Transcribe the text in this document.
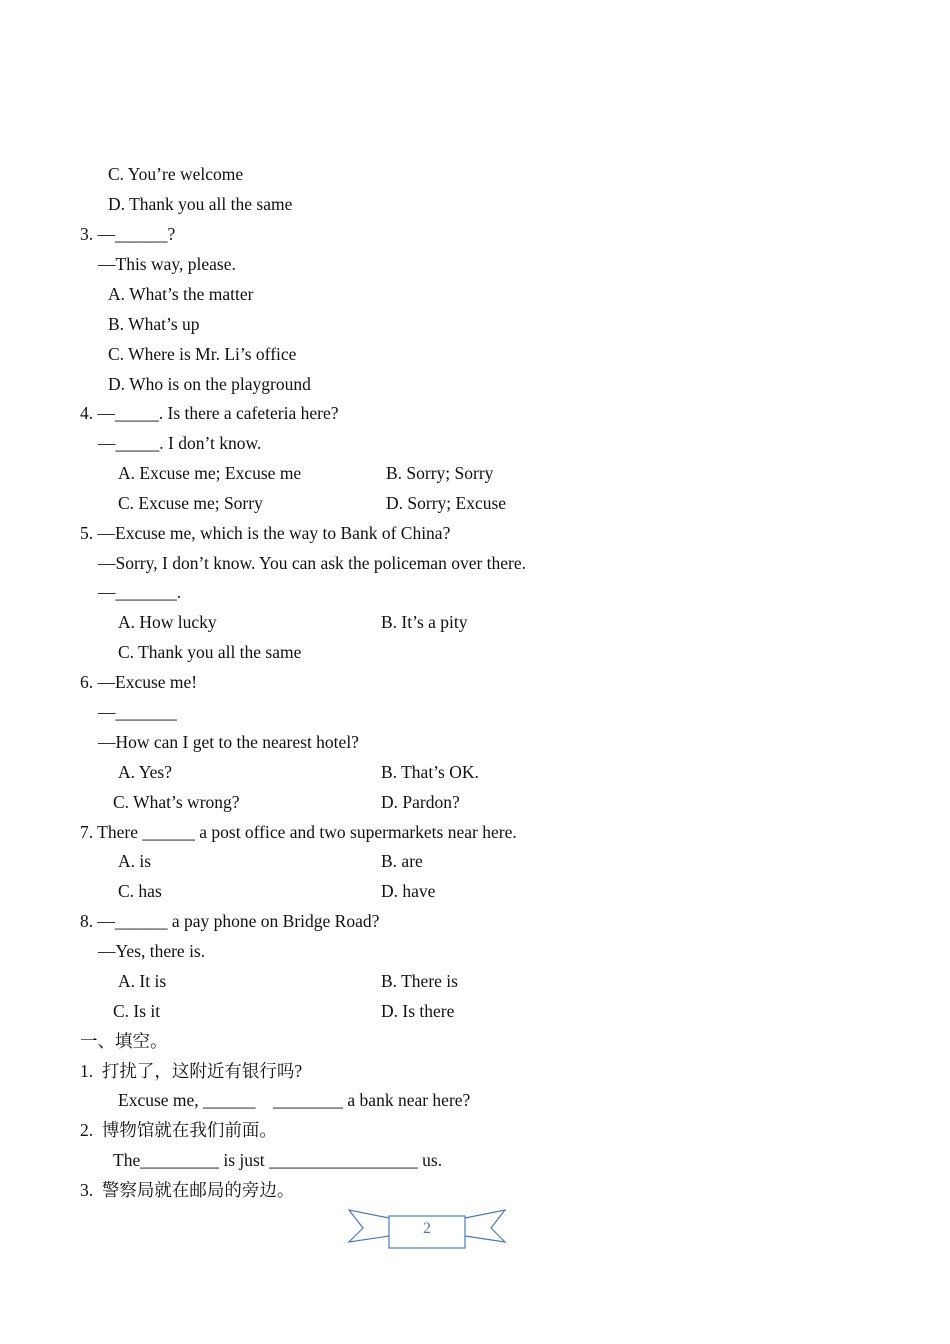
C. You’re welcome
D. Thank you all the same
3. —______?
—This way, please.
A. What’s the matter
B. What’s up
C. Where is Mr. Li’s office
D. Who is on the playground
4. —_____. Is there a cafeteria here?
—_____. I don’t know.
A. Excuse me; Excuse me	B. Sorry; Sorry
C. Excuse me; Sorry	D. Sorry; Excuse
5. —Excuse me, which is the way to Bank of China?
—Sorry, I don’t know. You can ask the policeman over there.
—_______.
A. How lucky	B. It’s a pity
C. Thank you all the same
6. —Excuse me!
—_______
—How can I get to the nearest hotel?
A. Yes?	B. That’s OK.
C. What’s wrong?	D. Pardon?
7. There ______ a post office and two supermarkets near here.
A. is	B. are
C. has	D. have
8. —______ a pay phone on Bridge Road?
—Yes, there is.
A. It is	B. There is
C. Is it	D. Is there
一、填空。
1.  打扰了，这附近有银行吗?
Excuse me, ______    ________ a bank near here?
2.  博物馆就在我们前面。
The_________ is just _________________ us.
3.  警察局就在邮局的旁边。
2
